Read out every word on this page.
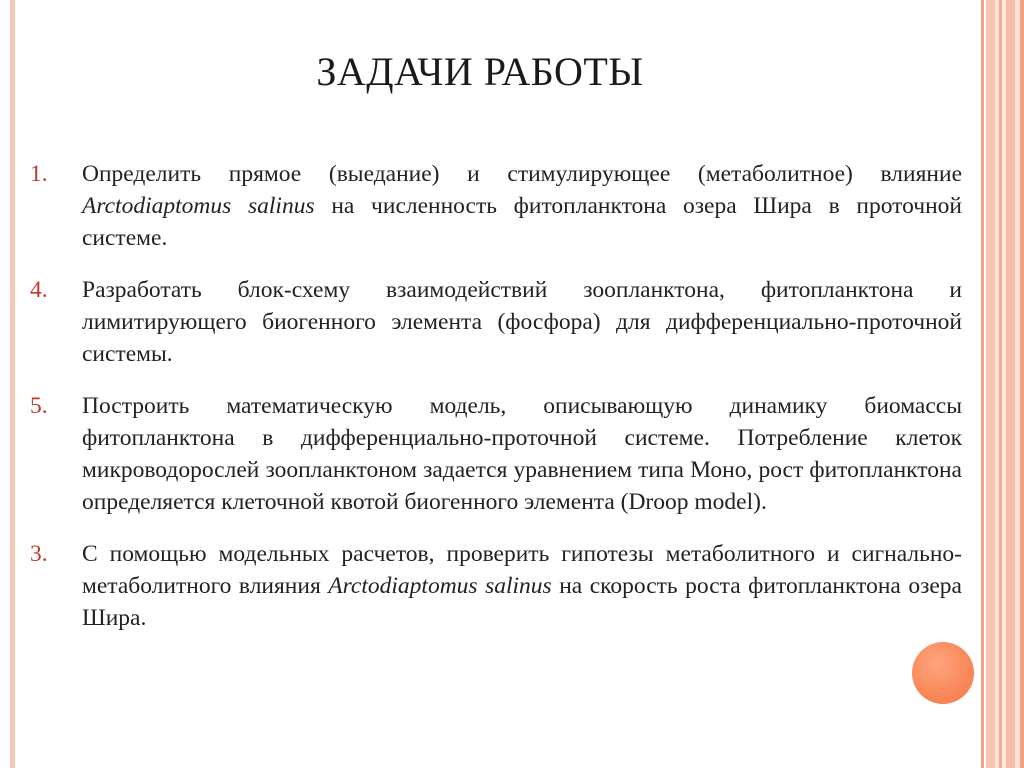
ЗАДАЧИ РАБОТЫ
1.	Определить прямое (выедание) и стимулирующее (метаболитное) влияние Arctodiaptomus salinus на численность фитопланктона озера Шира в проточной системе.

4.	Разработать блок-схему взаимодействий зоопланктона, фитопланктона и лимитирующего биогенного элемента (фосфора) для дифференциально-проточной системы.

5.	Построить математическую модель, описывающую динамику биомассы фитопланктона в дифференциально-проточной системе. Потребление клеток микроводорослей зоопланктоном задается уравнением типа Моно, рост фитопланктона определяется клеточной квотой биогенного элемента (Droop model).

3.	С помощью модельных расчетов, проверить гипотезы метаболитного и сигнально-метаболитного влияния Arctodiaptomus salinus на скорость роста фитопланктона озера Шира.
